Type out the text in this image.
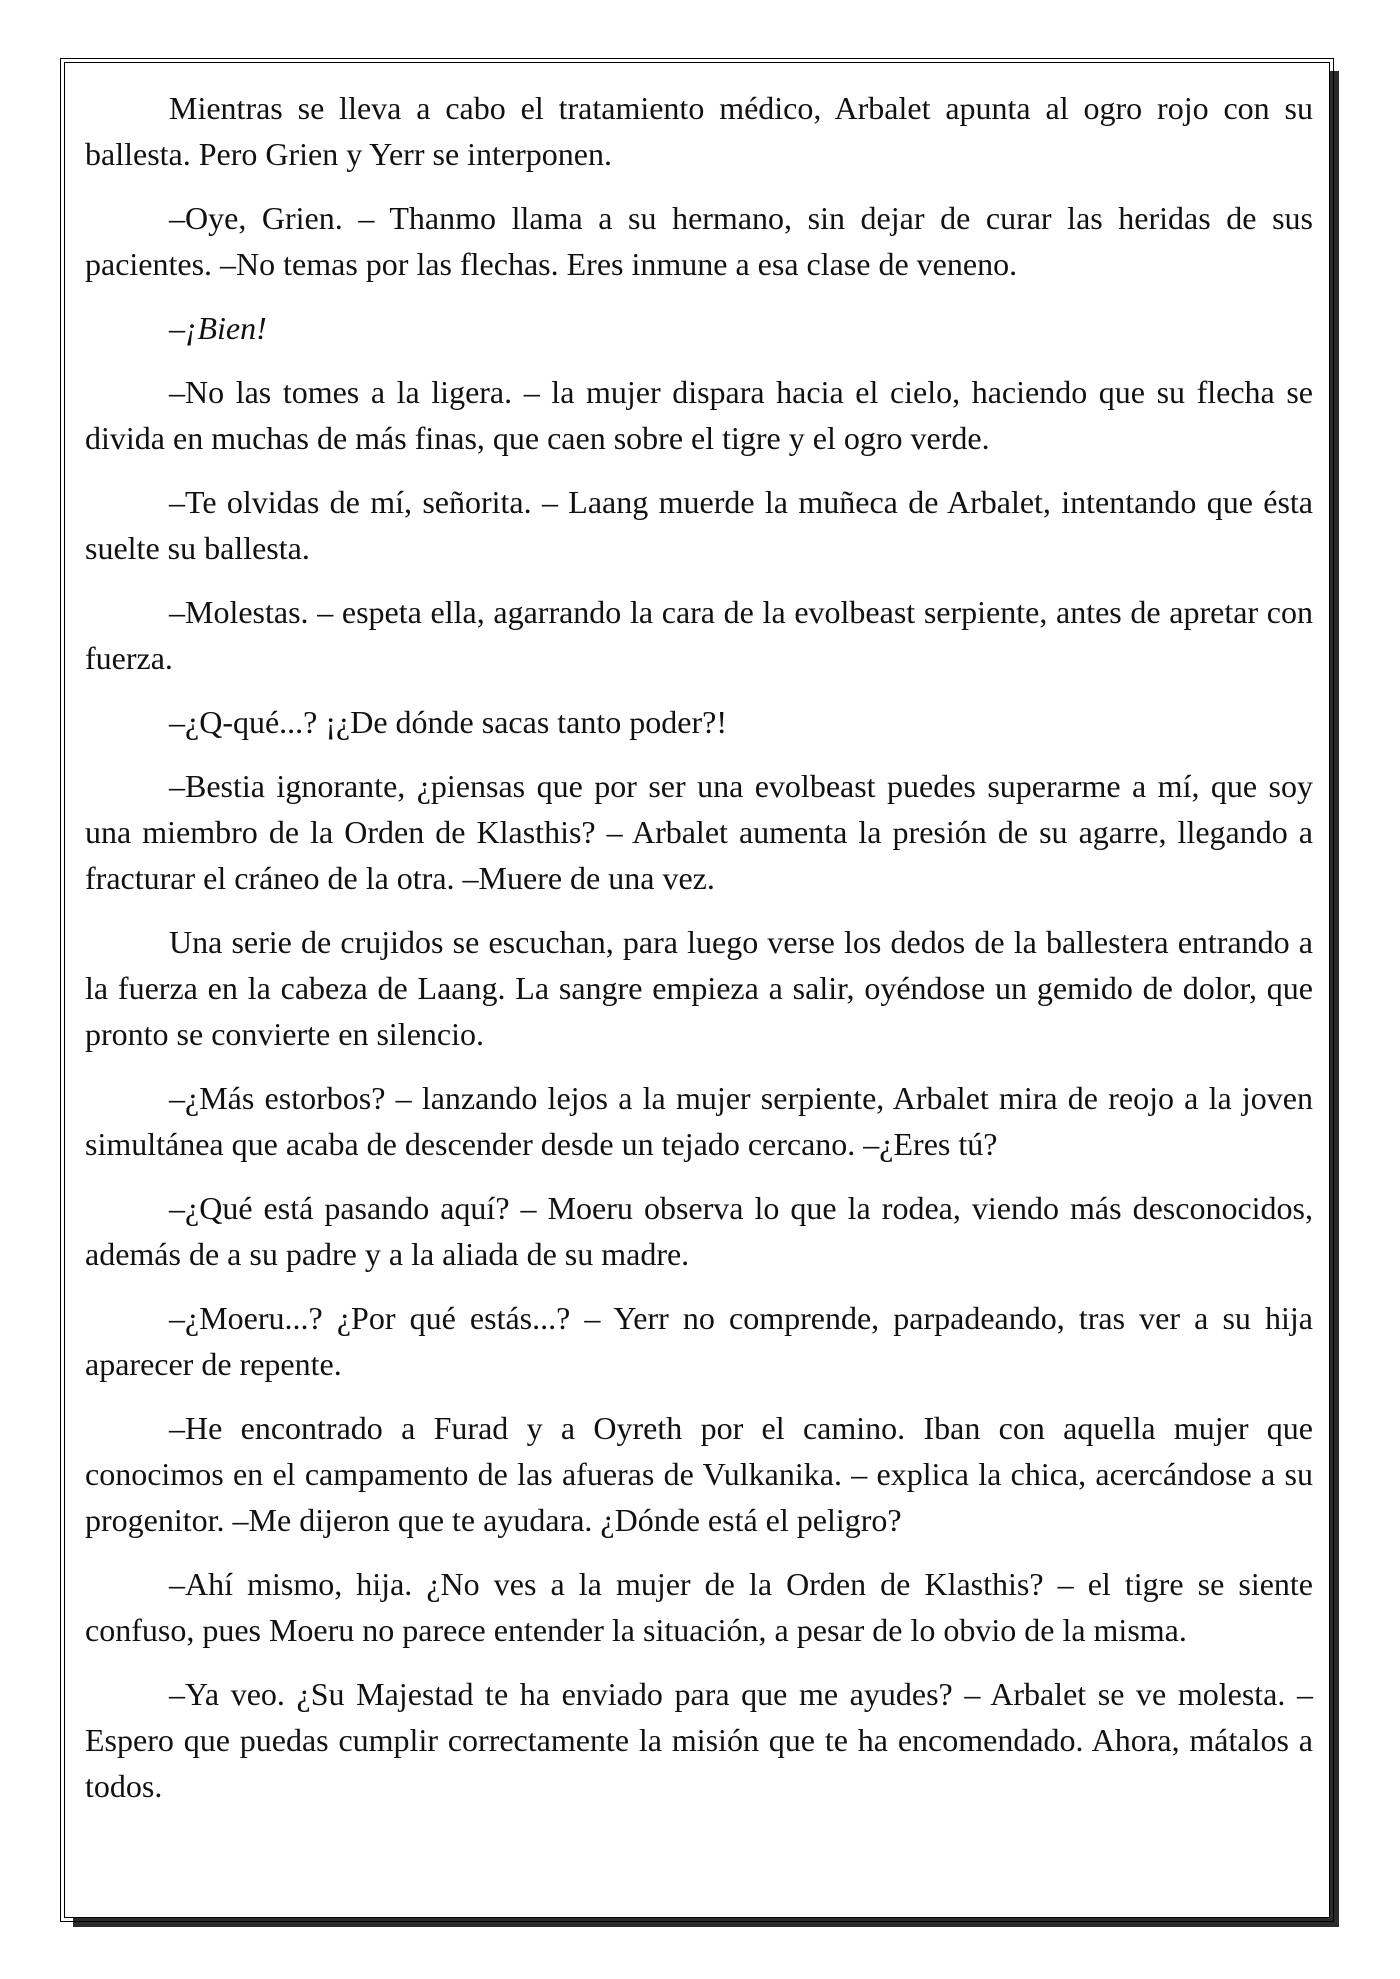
Mientras se lleva a cabo el tratamiento médico, Arbalet apunta al ogro rojo con su ballesta. Pero Grien y Yerr se interponen.

–Oye, Grien. – Thanmo llama a su hermano, sin dejar de curar las heridas de sus pacientes. –No temas por las flechas. Eres inmune a esa clase de veneno.

–¡Bien!

–No las tomes a la ligera. – la mujer dispara hacia el cielo, haciendo que su flecha se divida en muchas de más finas, que caen sobre el tigre y el ogro verde.

–Te olvidas de mí, señorita. – Laang muerde la muñeca de Arbalet, intentando que ésta suelte su ballesta.

–Molestas. – espeta ella, agarrando la cara de la evolbeast serpiente, antes de apretar con fuerza.

–¿Q-qué...? ¡¿De dónde sacas tanto poder?!

–Bestia ignorante, ¿piensas que por ser una evolbeast puedes superarme a mí, que soy una miembro de la Orden de Klasthis? – Arbalet aumenta la presión de su agarre, llegando a fracturar el cráneo de la otra. –Muere de una vez.

Una serie de crujidos se escuchan, para luego verse los dedos de la ballestera entrando a la fuerza en la cabeza de Laang. La sangre empieza a salir, oyéndose un gemido de dolor, que pronto se convierte en silencio.

–¿Más estorbos? – lanzando lejos a la mujer serpiente, Arbalet mira de reojo a la joven simultánea que acaba de descender desde un tejado cercano. –¿Eres tú?

–¿Qué está pasando aquí? – Moeru observa lo que la rodea, viendo más desconocidos, además de a su padre y a la aliada de su madre.

–¿Moeru...? ¿Por qué estás...? – Yerr no comprende, parpadeando, tras ver a su hija aparecer de repente.

–He encontrado a Furad y a Oyreth por el camino. Iban con aquella mujer que conocimos en el campamento de las afueras de Vulkanika. – explica la chica, acercándose a su progenitor. –Me dijeron que te ayudara. ¿Dónde está el peligro?

–Ahí mismo, hija. ¿No ves a la mujer de la Orden de Klasthis? – el tigre se siente confuso, pues Moeru no parece entender la situación, a pesar de lo obvio de la misma.

–Ya veo. ¿Su Majestad te ha enviado para que me ayudes? – Arbalet se ve molesta. –Espero que puedas cumplir correctamente la misión que te ha encomendado. Ahora, mátalos a todos.
